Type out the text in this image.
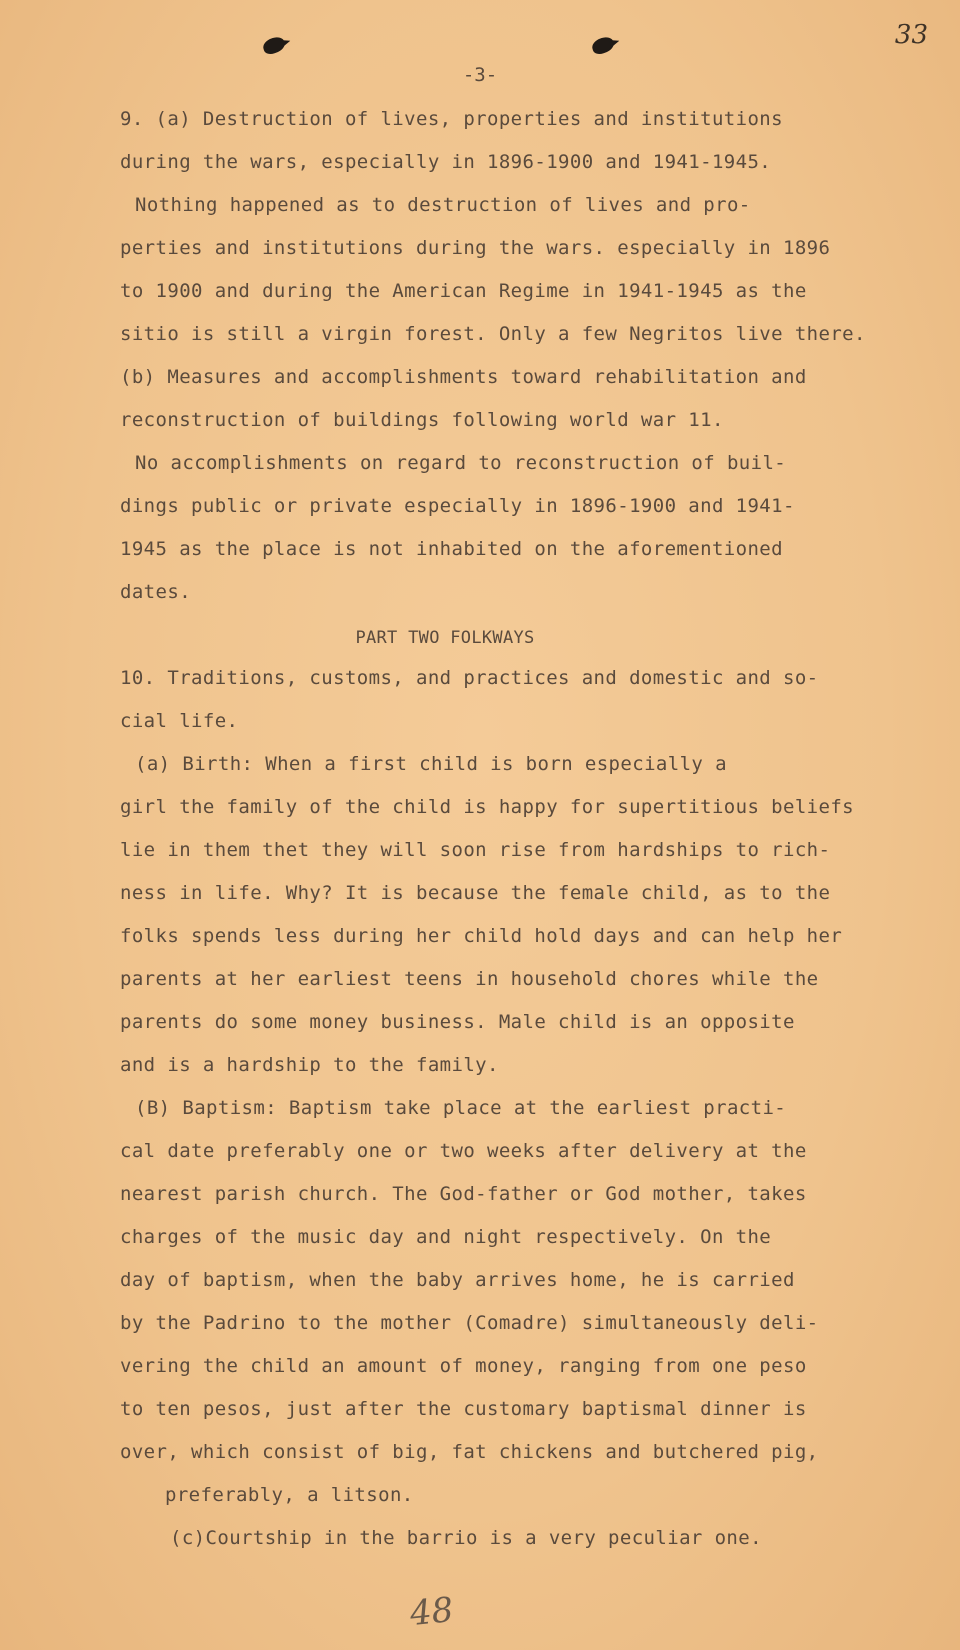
33
-3-
9. (a) Destruction of lives, properties and institutions
during the wars, especially in 1896-1900 and 1941-1945.
Nothing happened as to destruction of lives and pro-
perties and institutions during the wars. especially in 1896
to 1900 and during the American Regime in 1941-1945 as the
sitio is still a virgin forest. Only a few Negritos live there.
(b) Measures and accomplishments toward rehabilitation and
reconstruction of buildings following world war 11.
No accomplishments on regard to reconstruction of buil-
dings public or private especially in 1896-1900 and 1941-
1945 as the place is not inhabited on the aforementioned
dates.
PART TWO FOLKWAYS
10. Traditions, customs, and practices and domestic and so-
cial life.
(a) Birth: When a first child is born especially a
girl the family of the child is happy for supertitious beliefs
lie in them thet they will soon rise from hardships to rich-
ness in life. Why? It is because the female child, as to the
folks spends less during her child hold days and can help her
parents at her earliest teens in household chores while the
parents do some money business. Male child is an opposite
and is a hardship to the family.
(B) Baptism: Baptism take place at the earliest practi-
cal date preferably one or two weeks after delivery at the
nearest parish church. The God-father or God mother, takes
charges of the music day and night respectively. On the
day of baptism, when the baby arrives home, he is carried
by the Padrino to the mother (Comadre) simultaneously deli-
vering the child an amount of money, ranging from one peso
to ten pesos, just after the customary baptismal dinner is
over, which consist of big, fat chickens and butchered pig,
preferably, a litson.
(c)Courtship in the barrio is a very peculiar one.
48
